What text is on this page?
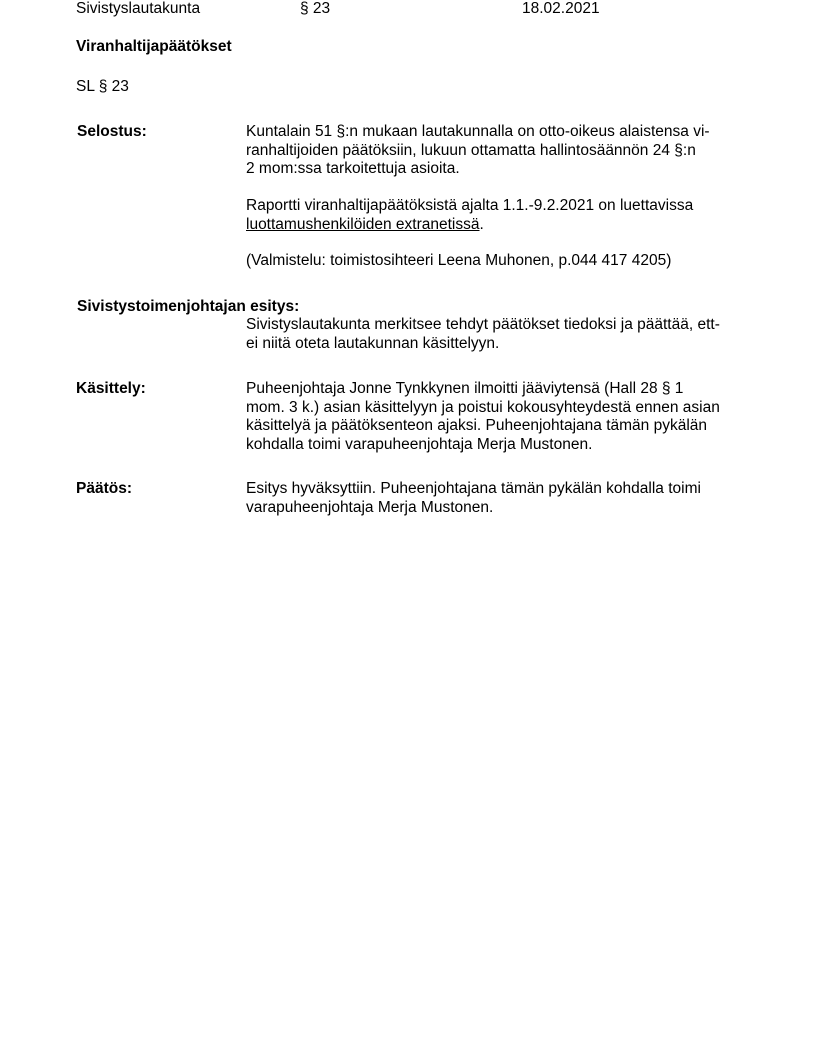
Sivistyslautakunta	§ 23	18.02.2021
Viranhaltijapäätökset
SL § 23
Selostus:	Kuntalain 51 §:n mukaan lautakunnalla on otto-oikeus alaistensa vi-
ranhaltijoiden päätöksiin, lukuun ottamatta hallintosäännön 24 §:n
2 mom:ssa tarkoitettuja asioita.
Raportti viranhaltijapäätöksistä ajalta 1.1.-9.2.2021 on luettavissa
luottamushenkilöiden extranetissä.
(Valmistelu: toimistosihteeri Leena Muhonen, p.044 417 4205)
Sivistystoimenjohtajan esitys:
Sivistyslautakunta merkitsee tehdyt päätökset tiedoksi ja päättää, ett-
ei niitä oteta lautakunnan käsittelyyn.
Käsittely:	Puheenjohtaja Jonne Tynkkynen ilmoitti jääviytensä (Hall 28 § 1
mom. 3 k.) asian käsittelyyn ja poistui kokousyhteydestä ennen asian
käsittelyä ja päätöksenteon ajaksi. Puheenjohtajana tämän pykälän
kohdalla toimi varapuheenjohtaja Merja Mustonen.
Päätös:	Esitys hyväksyttiin. Puheenjohtajana tämän pykälän kohdalla toimi
varapuheenjohtaja Merja Mustonen.
